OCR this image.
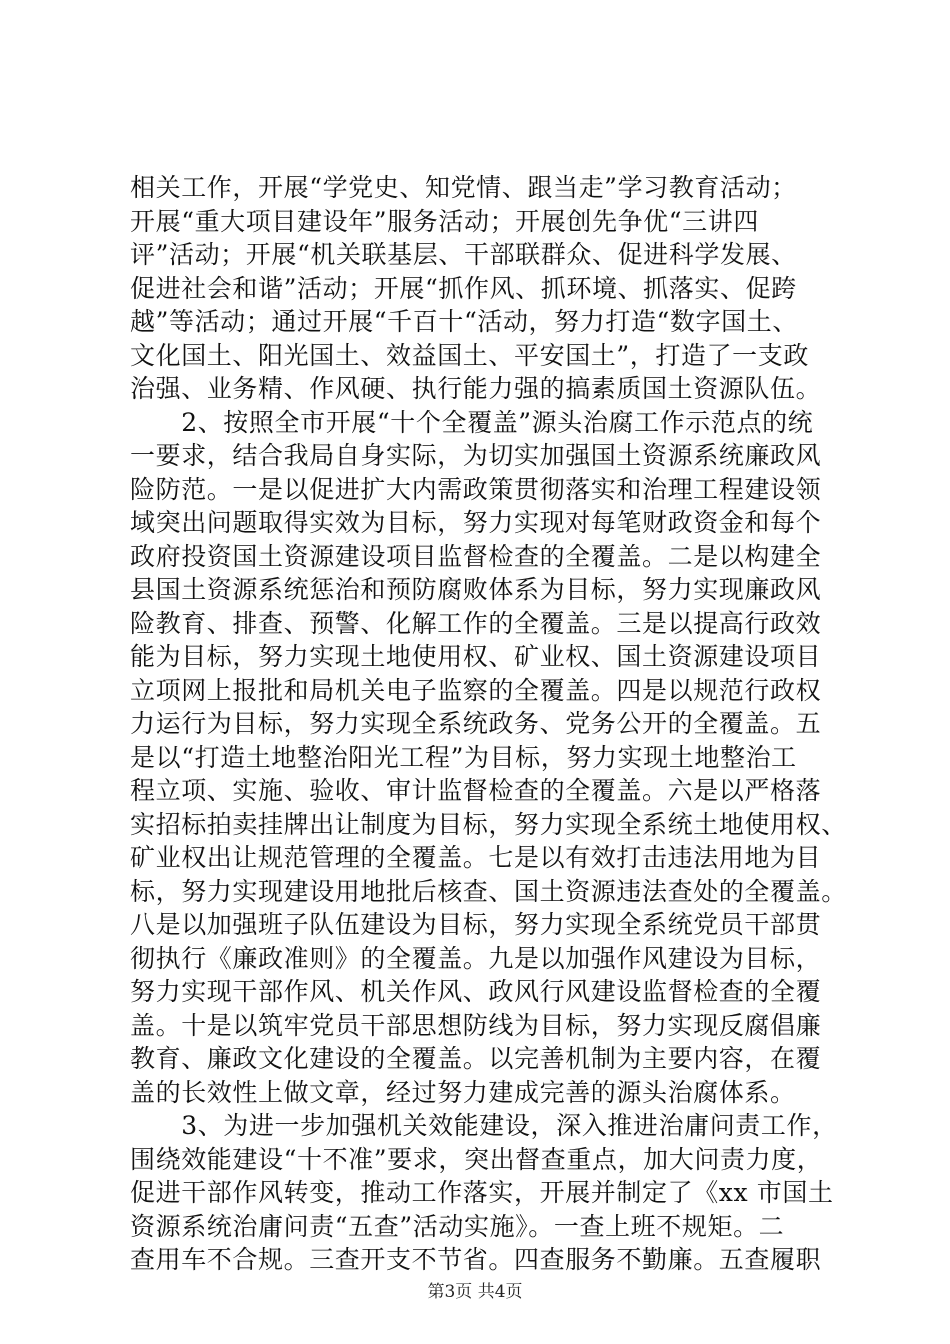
相关工作，开展“学党史、知党情、跟当走”学习教育活动；
开展“重大项目建设年”服务活动；开展创先争优“三讲四
评”活动；开展“机关联基层、干部联群众、促进科学发展、
促进社会和谐”活动；开展“抓作风、抓环境、抓落实、促跨
越”等活动；通过开展“千百十“活动，努力打造“数字国土、
文化国土、阳光国土、效益国土、平安国土”，打造了一支政
治强、业务精、作风硬、执行能力强的搞素质国土资源队伍。
　　2、按照全市开展“十个全覆盖”源头治腐工作示范点的统
一要求，结合我局自身实际，为切实加强国土资源系统廉政风
险防范。一是以促进扩大内需政策贯彻落实和治理工程建设领
域突出问题取得实效为目标，努力实现对每笔财政资金和每个
政府投资国土资源建设项目监督检查的全覆盖。二是以构建全
县国土资源系统惩治和预防腐败体系为目标，努力实现廉政风
险教育、排查、预警、化解工作的全覆盖。三是以提高行政效
能为目标，努力实现土地使用权、矿业权、国土资源建设项目
立项网上报批和局机关电子监察的全覆盖。四是以规范行政权
力运行为目标，努力实现全系统政务、党务公开的全覆盖。五
是以“打造土地整治阳光工程”为目标，努力实现土地整治工
程立项、实施、验收、审计监督检查的全覆盖。六是以严格落
实招标拍卖挂牌出让制度为目标，努力实现全系统土地使用权、
矿业权出让规范管理的全覆盖。七是以有效打击违法用地为目
标，努力实现建设用地批后核查、国土资源违法查处的全覆盖。
八是以加强班子队伍建设为目标，努力实现全系统党员干部贯
彻执行《廉政准则》的全覆盖。九是以加强作风建设为目标，
努力实现干部作风、机关作风、政风行风建设监督检查的全覆
盖。十是以筑牢党员干部思想防线为目标，努力实现反腐倡廉
教育、廉政文化建设的全覆盖。以完善机制为主要内容，在覆
盖的长效性上做文章，经过努力建成完善的源头治腐体系。
　　3、为进一步加强机关效能建设，深入推进治庸问责工作，
围绕效能建设“十不准”要求，突出督查重点，加大问责力度，
促进干部作风转变，推动工作落实，开展并制定了《xx 市国土
资源系统治庸问责“五查”活动实施》。一查上班不规矩。二
查用车不合规。三查开支不节省。四查服务不勤廉。五查履职
第3页 共4页
